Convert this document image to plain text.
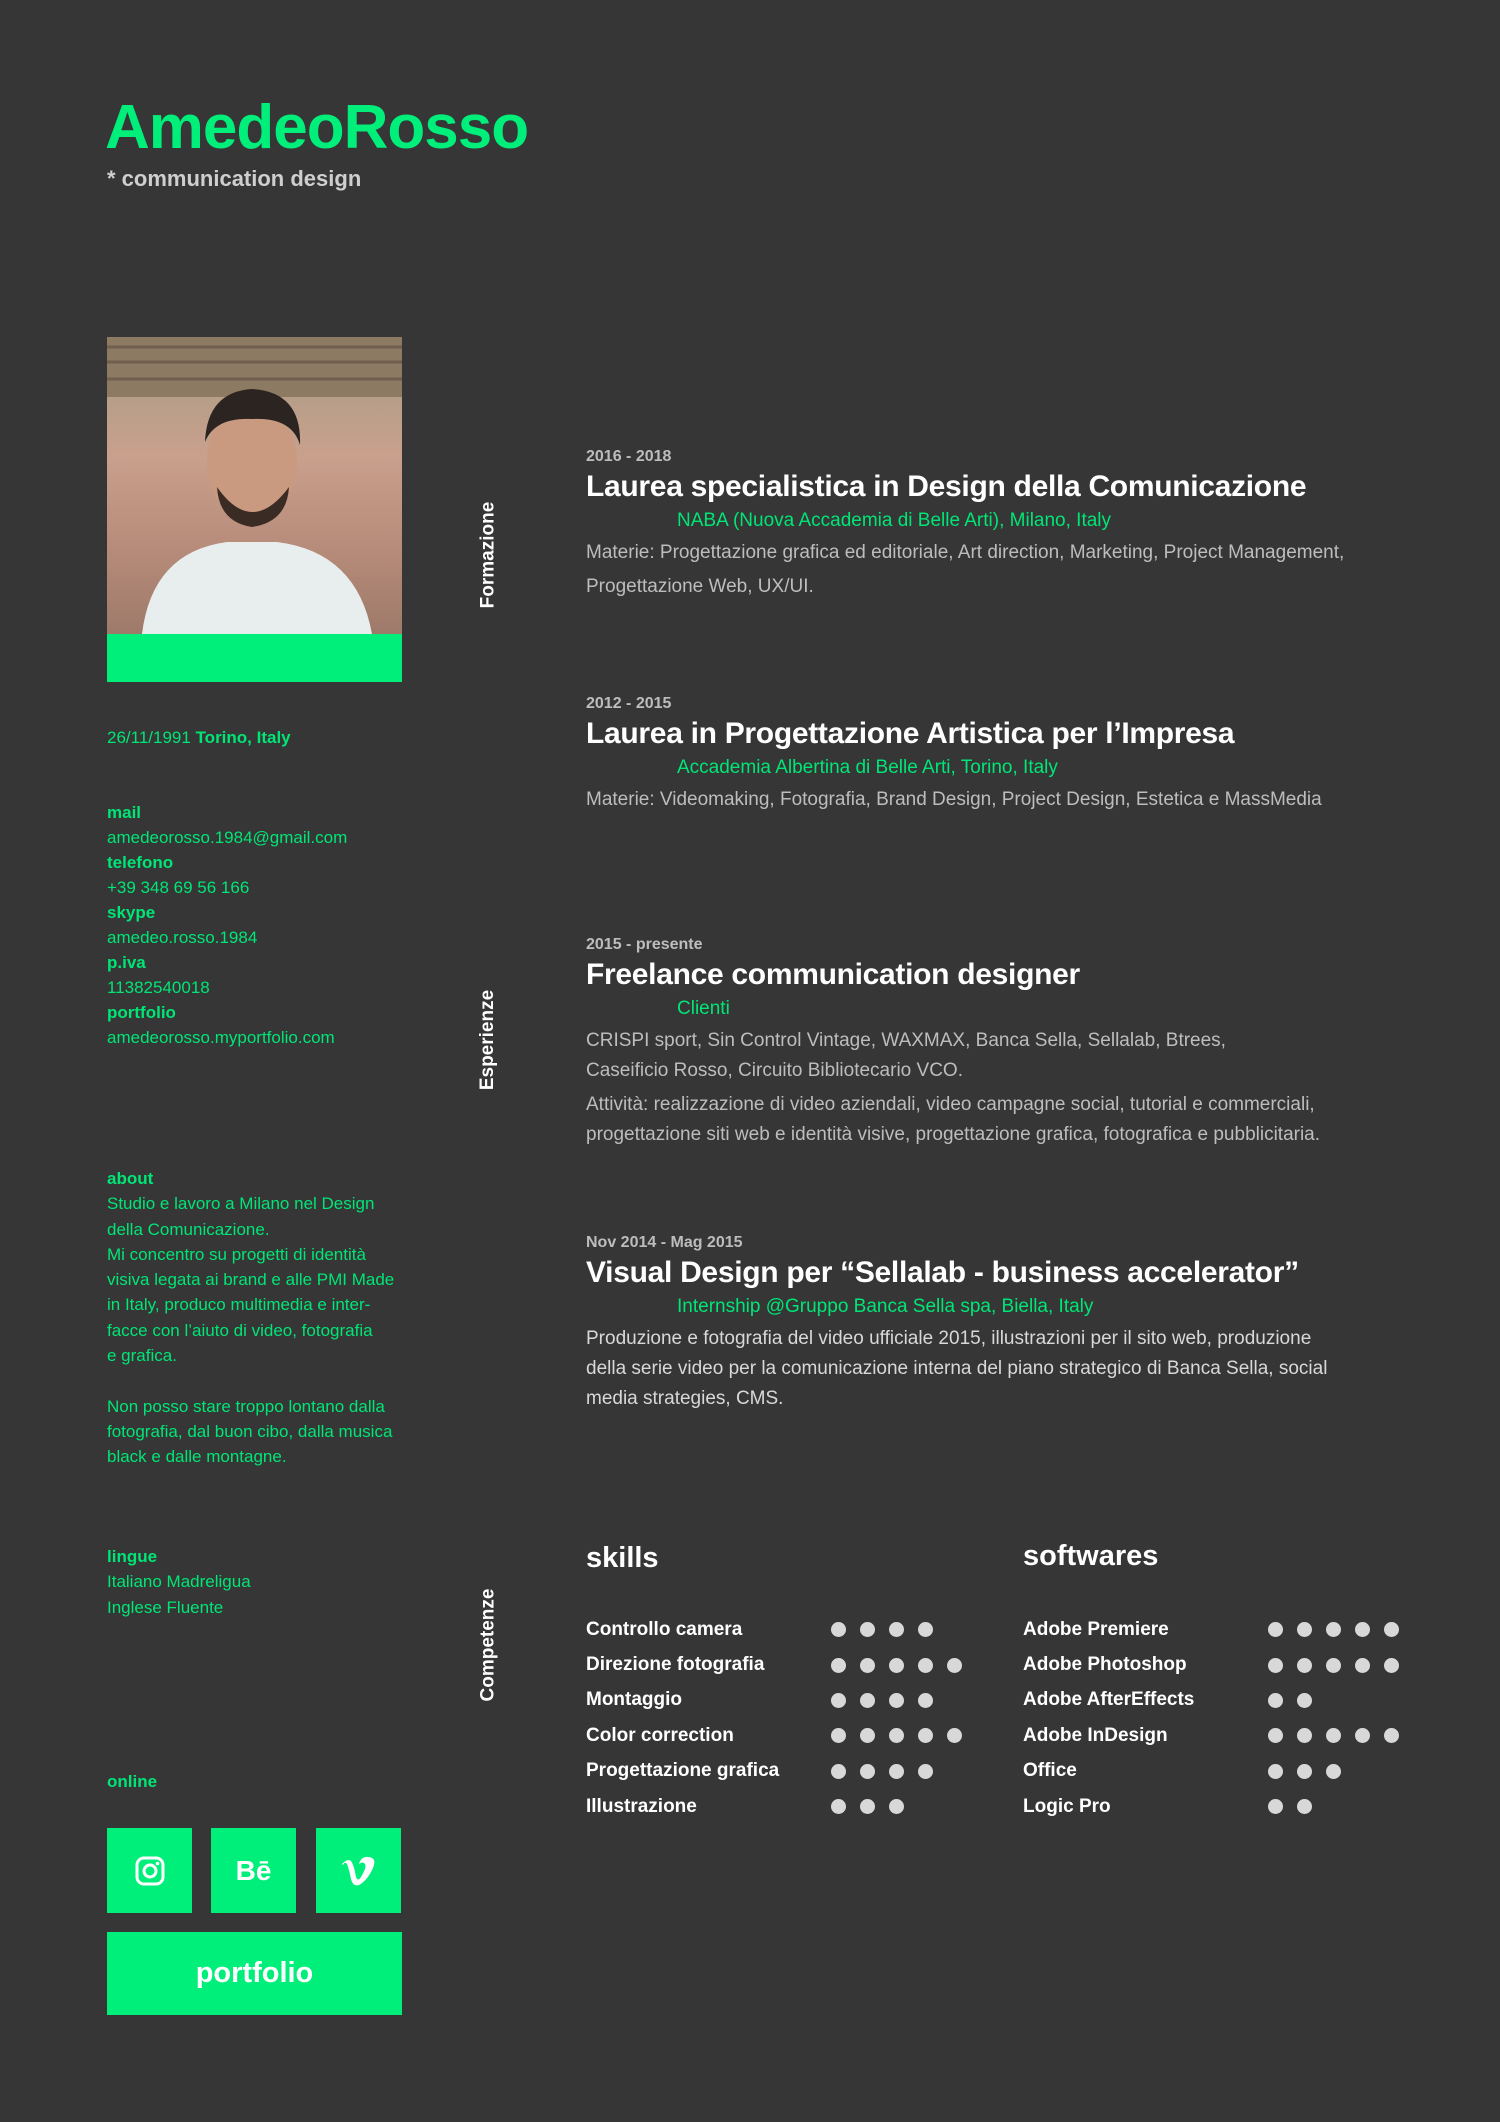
AmedeoRosso
* communication design
26/11/1991 Torino, Italy
mail
amedeorosso.1984@gmail.com
telefono
+39 348 69 56 166
skype
amedeo.rosso.1984
p.iva
11382540018
portfolio
amedeorosso.myportfolio.com
about
Studio e lavoro a Milano nel Design
della Comunicazione.
Mi concentro su progetti di identità
visiva legata ai brand e alle PMI Made
in Italy, produco multimedia e inter-
facce con l’aiuto di video, fotografia
e grafica.
Non posso stare troppo lontano dalla
fotografia, dal buon cibo, dalla musica
black e dalle montagne.
lingue
Italiano Madreligua
Inglese Fluente
online
Bē
portfolio
Formazione
Esperienze
Competenze
2016 - 2018
Laurea specialistica in Design della Comunicazione
NABA (Nuova Accademia di Belle Arti), Milano, Italy
Materie: Progettazione grafica ed editoriale, Art direction, Marketing, Project Management,
Progettazione Web, UX/UI.
2012 - 2015
Laurea in Progettazione Artistica per l’Impresa
Accademia Albertina di Belle Arti, Torino, Italy
Materie: Videomaking, Fotografia, Brand Design, Project Design, Estetica e MassMedia
2015 - presente
Freelance communication designer
Clienti
CRISPI sport, Sin Control Vintage, WAXMAX, Banca Sella, Sellalab, Btrees,
Caseificio Rosso, Circuito Bibliotecario VCO.
Attività: realizzazione di video aziendali, video campagne social, tutorial e commerciali,
progettazione siti web e identità visive, progettazione grafica, fotografica e pubblicitaria.
Nov 2014 - Mag 2015
Visual Design per “Sellalab - business accelerator”
Internship @Gruppo Banca Sella spa, Biella, Italy
Produzione e fotografia del video ufficiale 2015, illustrazioni per il sito web, produzione
della serie video per la comunicazione interna del piano strategico di Banca Sella, social
media strategies, CMS.
skills
Controllo camera
Direzione fotografia
Montaggio
Color correction
Progettazione grafica
Illustrazione
softwares
Adobe Premiere
Adobe Photoshop
Adobe AfterEffects
Adobe InDesign
Office
Logic Pro
